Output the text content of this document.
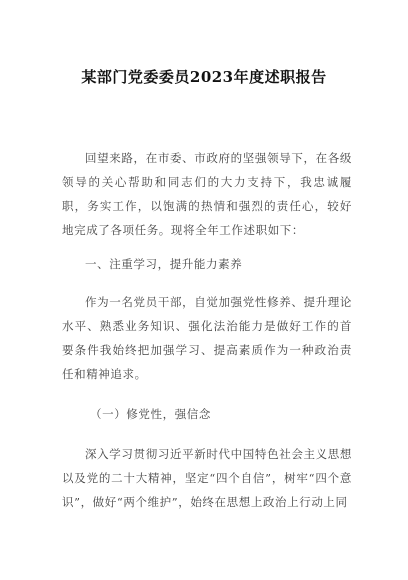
某部门党委委员2023年度述职报告
回望来路，在市委、市政府的坚强领导下，在各级领导的关心帮助和同志们的大力支持下，我忠诚履职，务实工作，以饱满的热情和强烈的责任心，较好地完成了各项任务。现将全年工作述职如下：
一、注重学习，提升能力素养
作为一名党员干部，自觉加强党性修养、提升理论水平、熟悉业务知识、强化法治能力是做好工作的首要条件我始终把加强学习、提高素质作为一种政治责任和精神追求。
（一）修党性，强信念
深入学习贯彻习近平新时代中国特色社会主义思想以及党的二十大精神，坚定“四个自信”，树牢“四个意识”，做好“两个维护”，始终在思想上政治上行动上同
